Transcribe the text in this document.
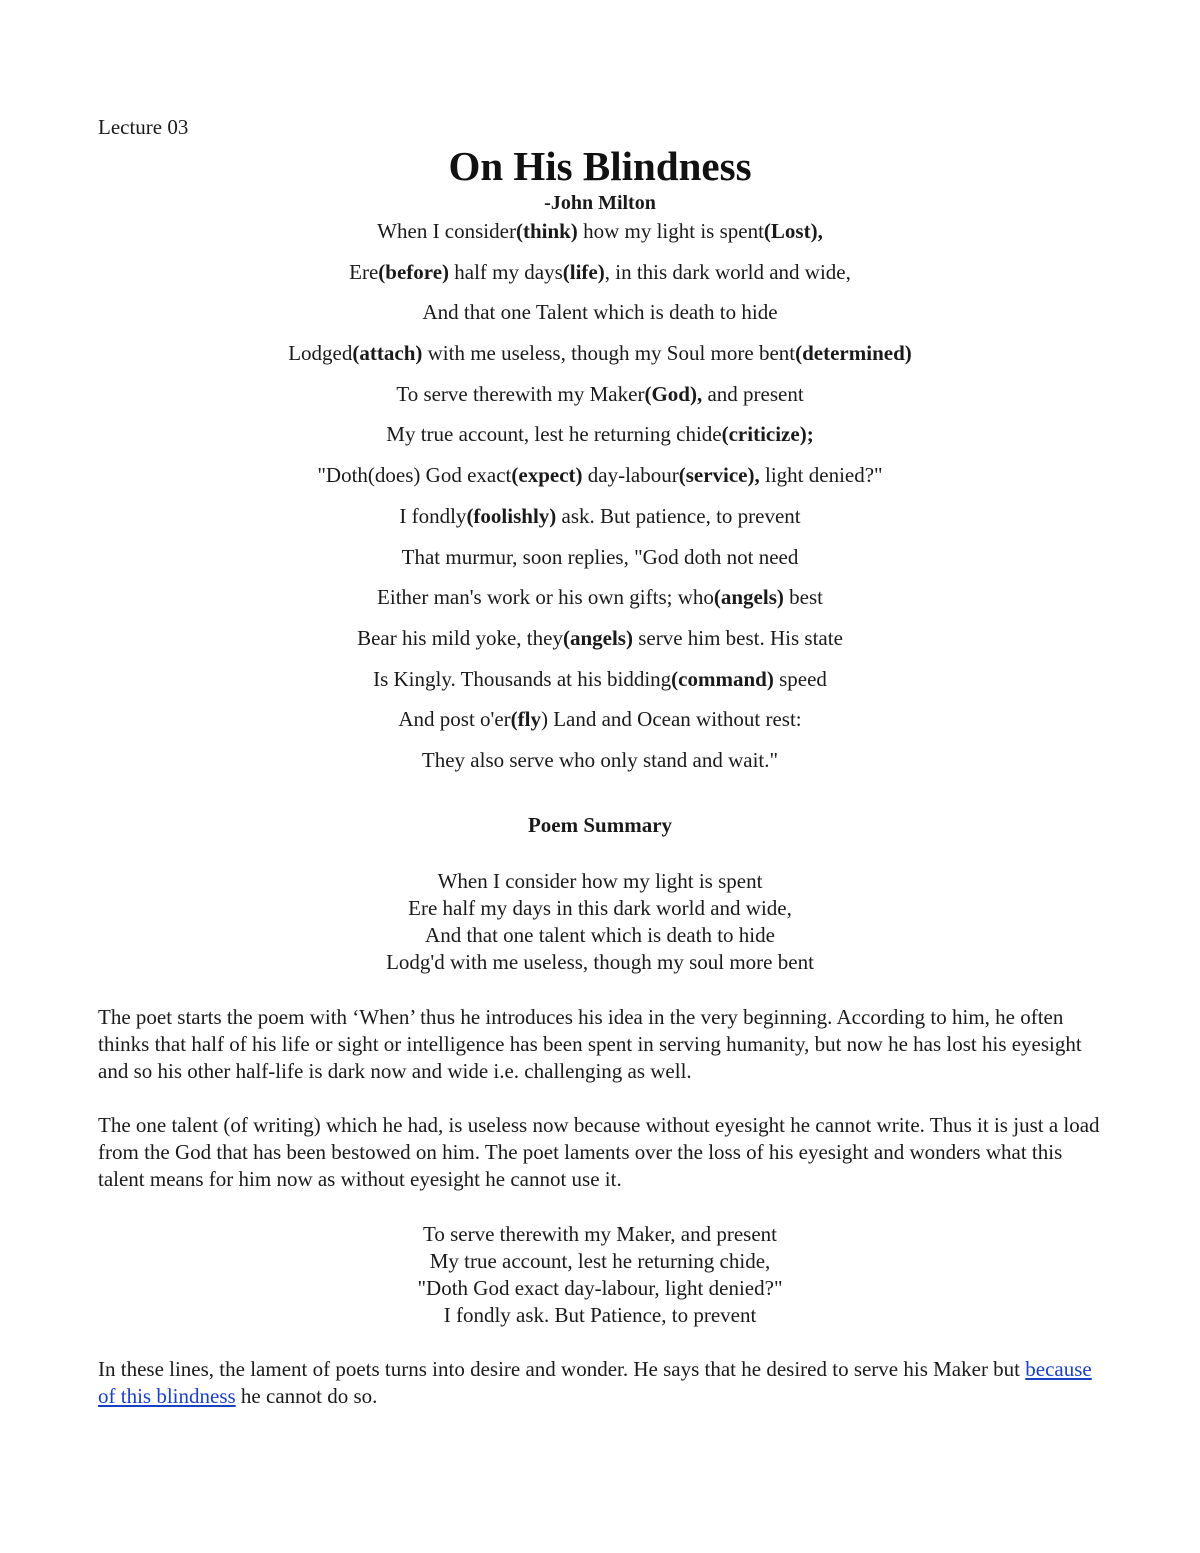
Lecture 03

On His Blindness

-John Milton

When I consider(think) how my light is spent(Lost),
Ere(before) half my days(life), in this dark world and wide,
And that one Talent which is death to hide
Lodged(attach) with me useless, though my Soul more bent(determined)
To serve therewith my Maker(God), and present
My true account, lest he returning chide(criticize);
"Doth(does) God exact(expect) day-labour(service), light denied?"
I fondly(foolishly) ask. But patience, to prevent
That murmur, soon replies, "God doth not need
Either man's work or his own gifts; who(angels) best
Bear his mild yoke, they(angels) serve him best. His state
Is Kingly. Thousands at his bidding(command) speed
And post o'er(fly) Land and Ocean without rest:
They also serve who only stand and wait."

Poem Summary

When I consider how my light is spent
Ere half my days in this dark world and wide,
And that one talent which is death to hide
Lodg'd with me useless, though my soul more bent

The poet starts the poem with ‘When’ thus he introduces his idea in the very beginning. According to him, he often thinks that half of his life or sight or intelligence has been spent in serving humanity, but now he has lost his eyesight and so his other half-life is dark now and wide i.e. challenging as well.

The one talent (of writing) which he had, is useless now because without eyesight he cannot write. Thus it is just a load from the God that has been bestowed on him. The poet laments over the loss of his eyesight and wonders what this talent means for him now as without eyesight he cannot use it.

To serve therewith my Maker, and present
My true account, lest he returning chide,
"Doth God exact day-labour, light denied?"
I fondly ask. But Patience, to prevent

In these lines, the lament of poets turns into desire and wonder. He says that he desired to serve his Maker but because of this blindness he cannot do so.
